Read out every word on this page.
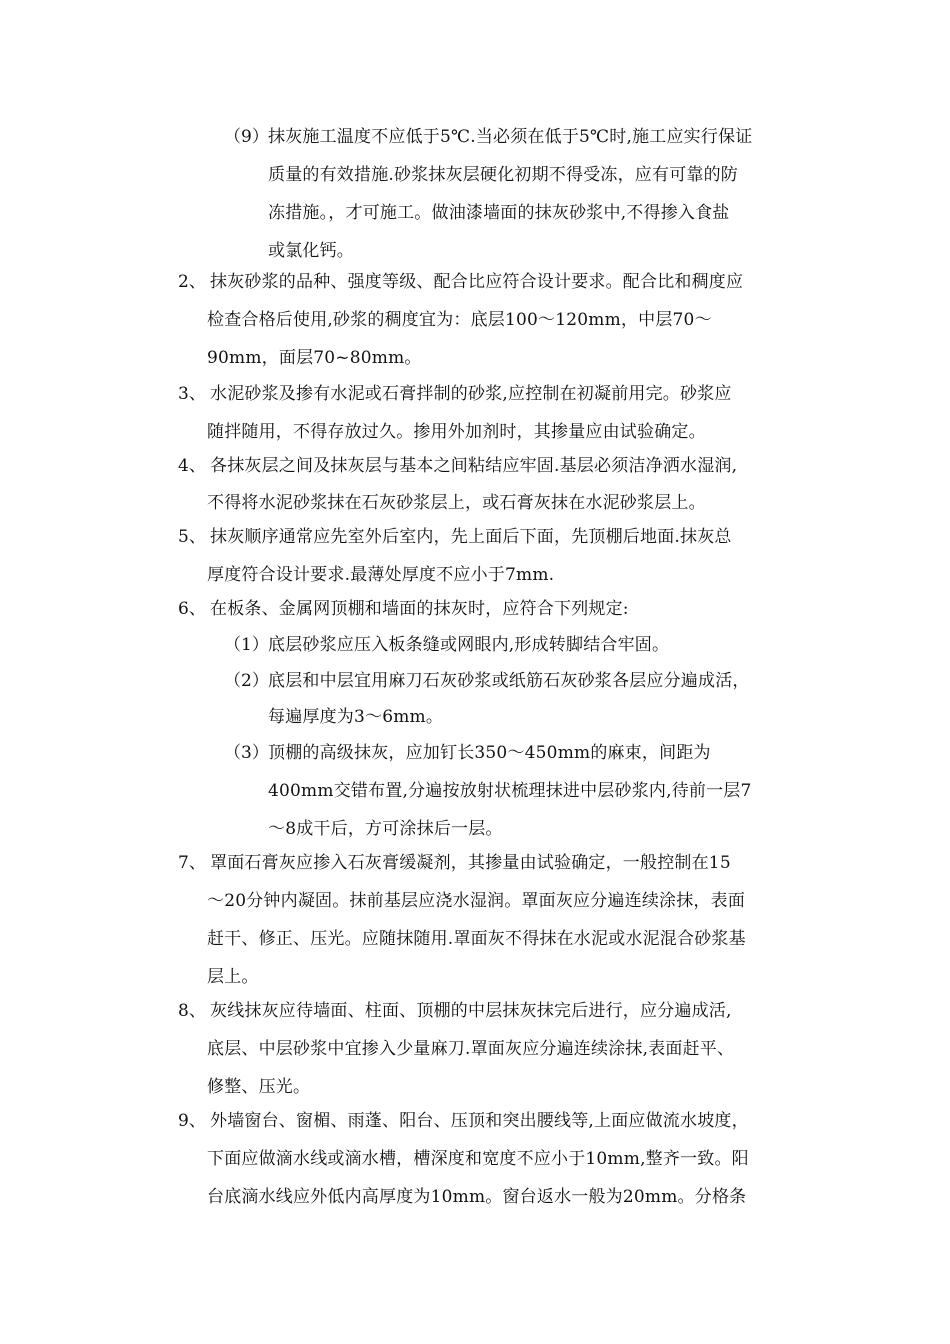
（9） 抹灰施工温度不应低于5℃.当必须在低于5℃时,施工应实行保证
质量的有效措施.砂浆抹灰层硬化初期不得受冻，应有可靠的防
冻措施。，才可施工。做油漆墙面的抹灰砂浆中,不得掺入食盐
或氯化钙。
2、 抹灰砂浆的品种、强度等级、配合比应符合设计要求。配合比和稠度应
检查合格后使用,砂浆的稠度宜为：底层100～120mm，中层70～
90mm，面层70~80mm。
3、 水泥砂浆及掺有水泥或石膏拌制的砂浆,应控制在初凝前用完。砂浆应
随拌随用，不得存放过久。掺用外加剂时，其掺量应由试验确定。
4、 各抹灰层之间及抹灰层与基本之间粘结应牢固.基层必须洁净洒水湿润,
不得将水泥砂浆抹在石灰砂浆层上，或石膏灰抹在水泥砂浆层上。
5、 抹灰顺序通常应先室外后室内，先上面后下面，先顶棚后地面.抹灰总
厚度符合设计要求.最薄处厚度不应小于7mm.
6、 在板条、金属网顶棚和墙面的抹灰时，应符合下列规定:
（1） 底层砂浆应压入板条缝或网眼内,形成转脚结合牢固。
（2） 底层和中层宜用麻刀石灰砂浆或纸筋石灰砂浆各层应分遍成活，
每遍厚度为3～6mm。
（3） 顶棚的高级抹灰，应加钉长350～450mm的麻束，间距为
400mm交错布置,分遍按放射状梳理抹进中层砂浆内,待前一层7
～8成干后，方可涂抹后一层。
7、 罩面石膏灰应掺入石灰膏缓凝剂，其掺量由试验确定，一般控制在15
～20分钟内凝固。抹前基层应浇水湿润。罩面灰应分遍连续涂抹，表面
赶干、修正、压光。应随抹随用.罩面灰不得抹在水泥或水泥混合砂浆基
层上。
8、 灰线抹灰应待墙面、柱面、顶棚的中层抹灰抹完后进行，应分遍成活,
底层、中层砂浆中宜掺入少量麻刀.罩面灰应分遍连续涂抹,表面赶平、
修整、压光。
9、 外墙窗台、窗楣、雨蓬、阳台、压顶和突出腰线等,上面应做流水坡度，
下面应做滴水线或滴水槽，槽深度和宽度不应小于10mm,整齐一致。阳
台底滴水线应外低内高厚度为10mm。窗台返水一般为20mm。分格条
